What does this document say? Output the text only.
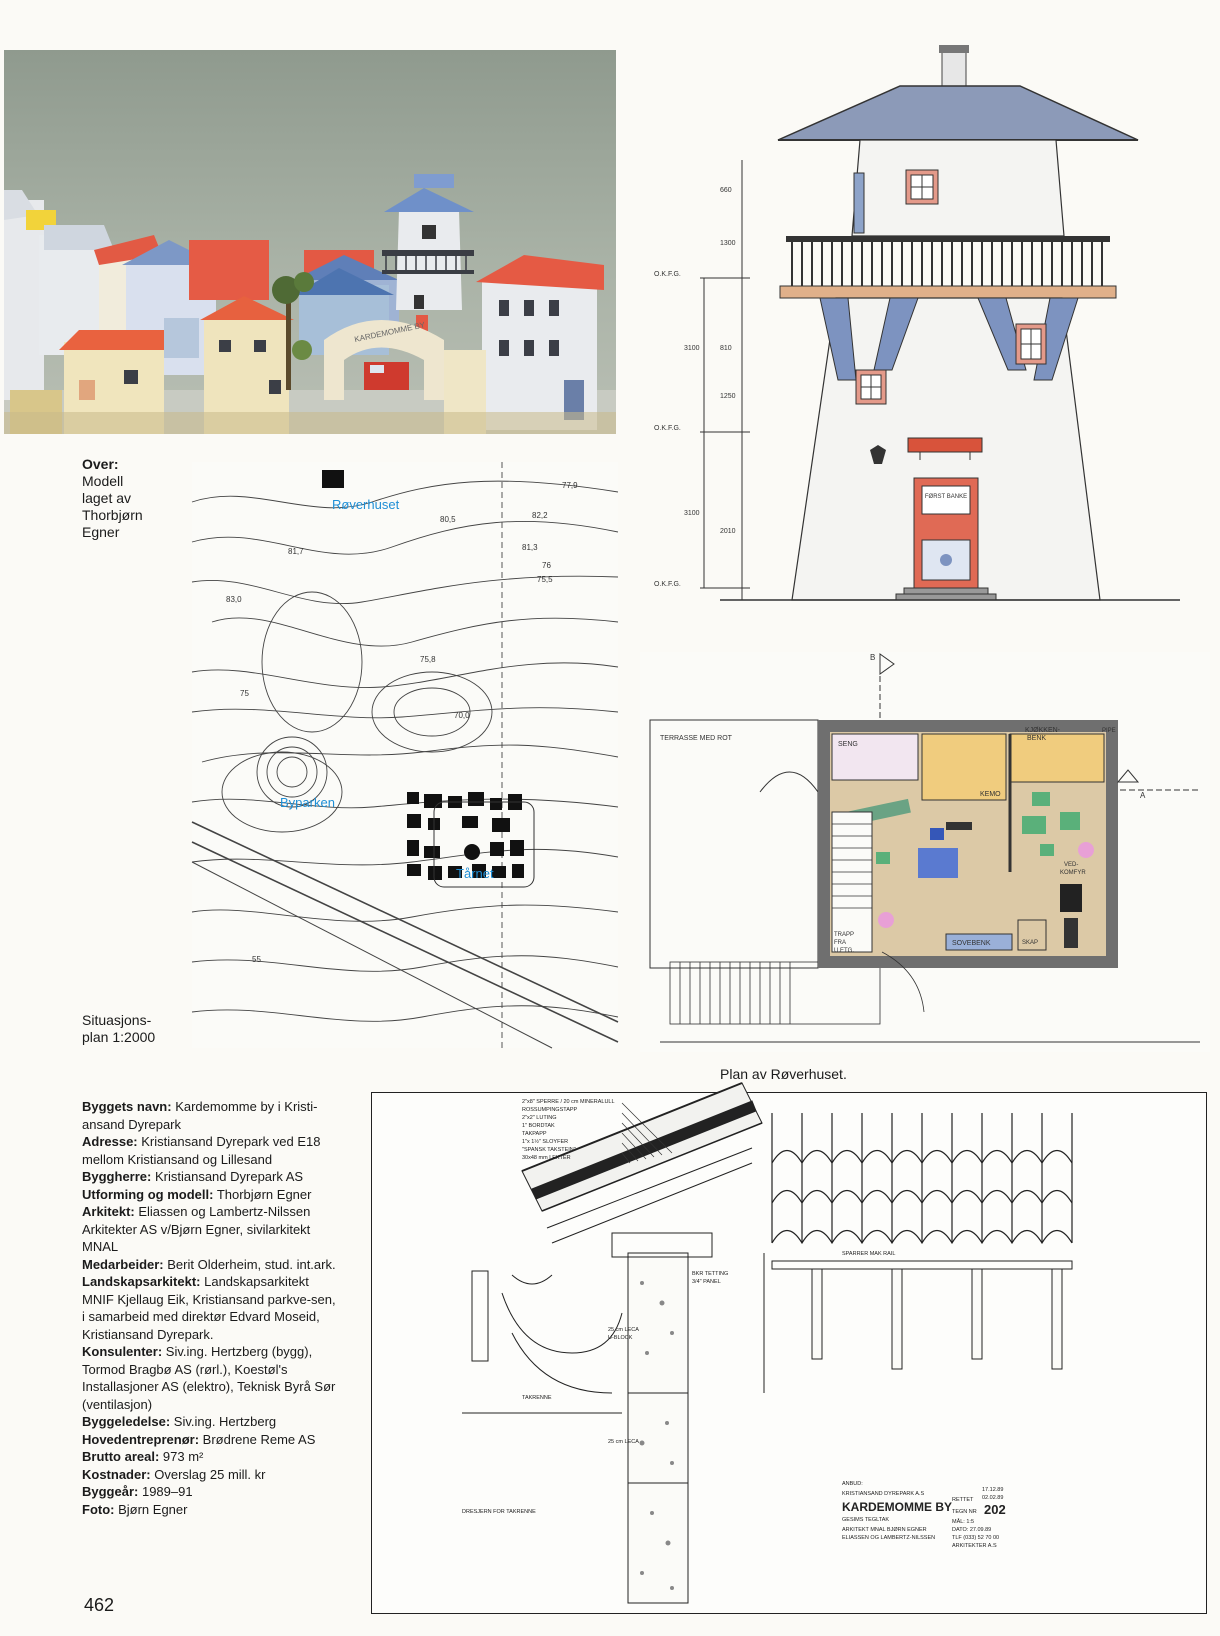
KARDEMOMME BY
Over:
Modell
laget av
Thorbjørn
Egner
FØRST BANKE
660
1300
3100	810
1250
3100
2010
O.K.F.G.
O.K.F.G.
O.K.F.G.
Røverhuset
Byparken
Tårnet
80,5
81,7
83,0
75,8
70,0
77,9
82,2
81,3
76
75,5
75
55
Situasjons-
plan 1:2000
TERRASSE MED ROT
SENG
KEMO
KJØKKEN-
BENK
SOVEBENK	SKAP
VED-
KOMFYR
PIPE
TRAPP
FRA
U.ETG.
B
A
Plan av Røverhuset.

Byggets navn: Kardemomme by i Kristi-ansand Dyrepark

Adresse: Kristiansand Dyrepark ved E18 mellom Kristiansand og Lillesand

Byggherre: Kristiansand Dyrepark AS

Utforming og modell: Thorbjørn Egner

Arkitekt: Eliassen og Lambertz-Nilssen Arkitekter AS v/Bjørn Egner, sivilarkitekt MNAL

Medarbeider: Berit Olderheim, stud. int.ark.

Landskapsarkitekt: Landskapsarkitekt MNIF Kjellaug Eik, Kristiansand parkve-sen, i samarbeid med direktør Edvard Moseid, Kristiansand Dyrepark.

Konsulenter: Siv.ing. Hertzberg (bygg), Tormod Bragbø AS (rørl.), Koestøl's Installasjoner AS (elektro), Teknisk Byrå Sør (ventilasjon)

Byggeledelse: Siv.ing. Hertzberg

Hovedentreprenør: Brødrene Reme AS

Brutto areal: 973 m²

Kostnader: Overslag 25 mill. kr

Byggeår: 1989–91

Foto: Bjørn Egner

2"x8" SPERRE / 20 cm MINERALULL
ROSSUMPINGSTAPP
2"x2" LUTING
1" BORDTAK
TAKPAPP
1"x 1½" SLOYFER
"SPANSK TAKSTEIN"
30x48 mm LEKTER
BKR TETTING
3/4" PANEL
25 cm LECA
U-BLOCK
25 cm LECA
TAKRENNE
DRESJERN FOR TAKRENNE
SPARRER MAK RAIL
ANBUD:
KRISTIANSAND DYREPARK A.S
KARDEMOMME BY
GESIMS TEGLTAK
ARKITEKT MNAL BJØRN EGNER
ELIASSEN OG LAMBERTZ-NILSSEN
RETTET
17.12.89
02.02.89
TEGN NR 202
MÅL: 1:5
DATO: 27.09.89
TLF (033) 52 70 00
ARKITEKTER A.S
462
